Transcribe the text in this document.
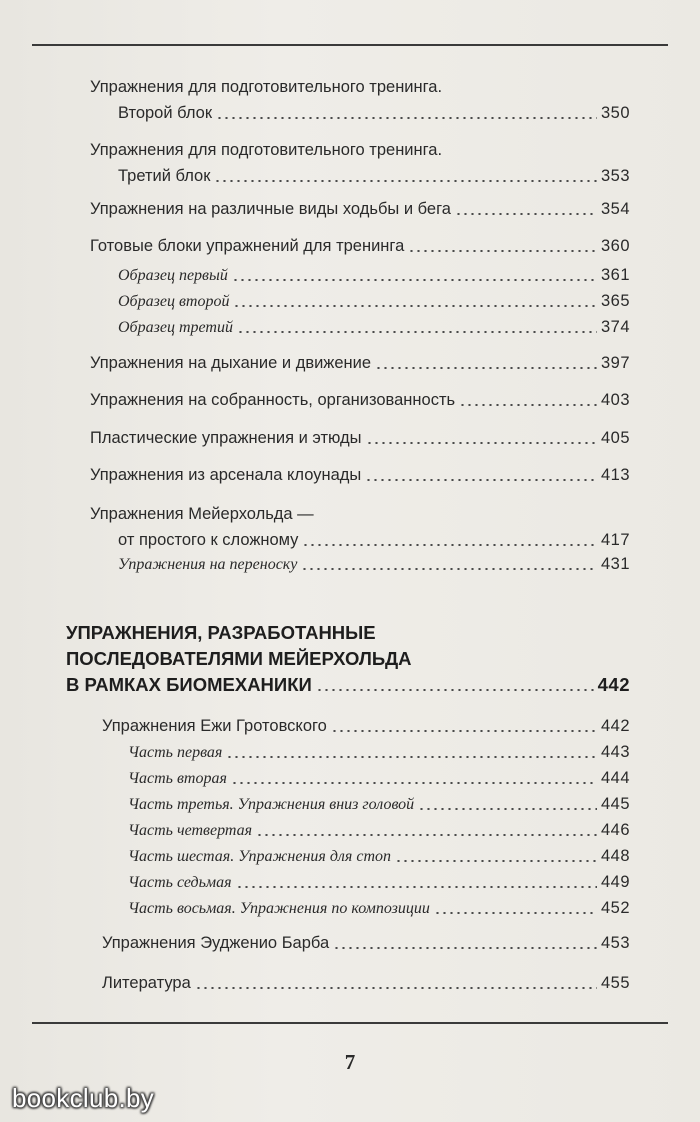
Упражнения для подготовительного тренинга.
Второй блок	350
Упражнения для подготовительного тренинга.
Третий блок	353
Упражнения на различные виды ходьбы и бега	354
Готовые блоки упражнений для тренинга	360
Образец первый	361
Образец второй	365
Образец третий	374
Упражнения на дыхание и движение	397
Упражнения на собранность, организованность	403
Пластические упражнения и этюды	405
Упражнения из арсенала клоунады	413
Упражнения Мейерхольда —
от простого к сложному	417
Упражнения на переноску	431
УПРАЖНЕНИЯ, РАЗРАБОТАННЫЕ
ПОСЛЕДОВАТЕЛЯМИ МЕЙЕРХОЛЬДА
В РАМКАХ БИОМЕХАНИКИ	442
Упражнения Ежи Гротовского	442
Часть первая	443
Часть вторая	444
Часть третья. Упражнения вниз головой	445
Часть четвертая	446
Часть шестая. Упражнения для стоп	448
Часть седьмая	449
Часть восьмая. Упражнения по композиции	452
Упражнения Эудженио Барба	453
Литература	455
7
bookclub.by
